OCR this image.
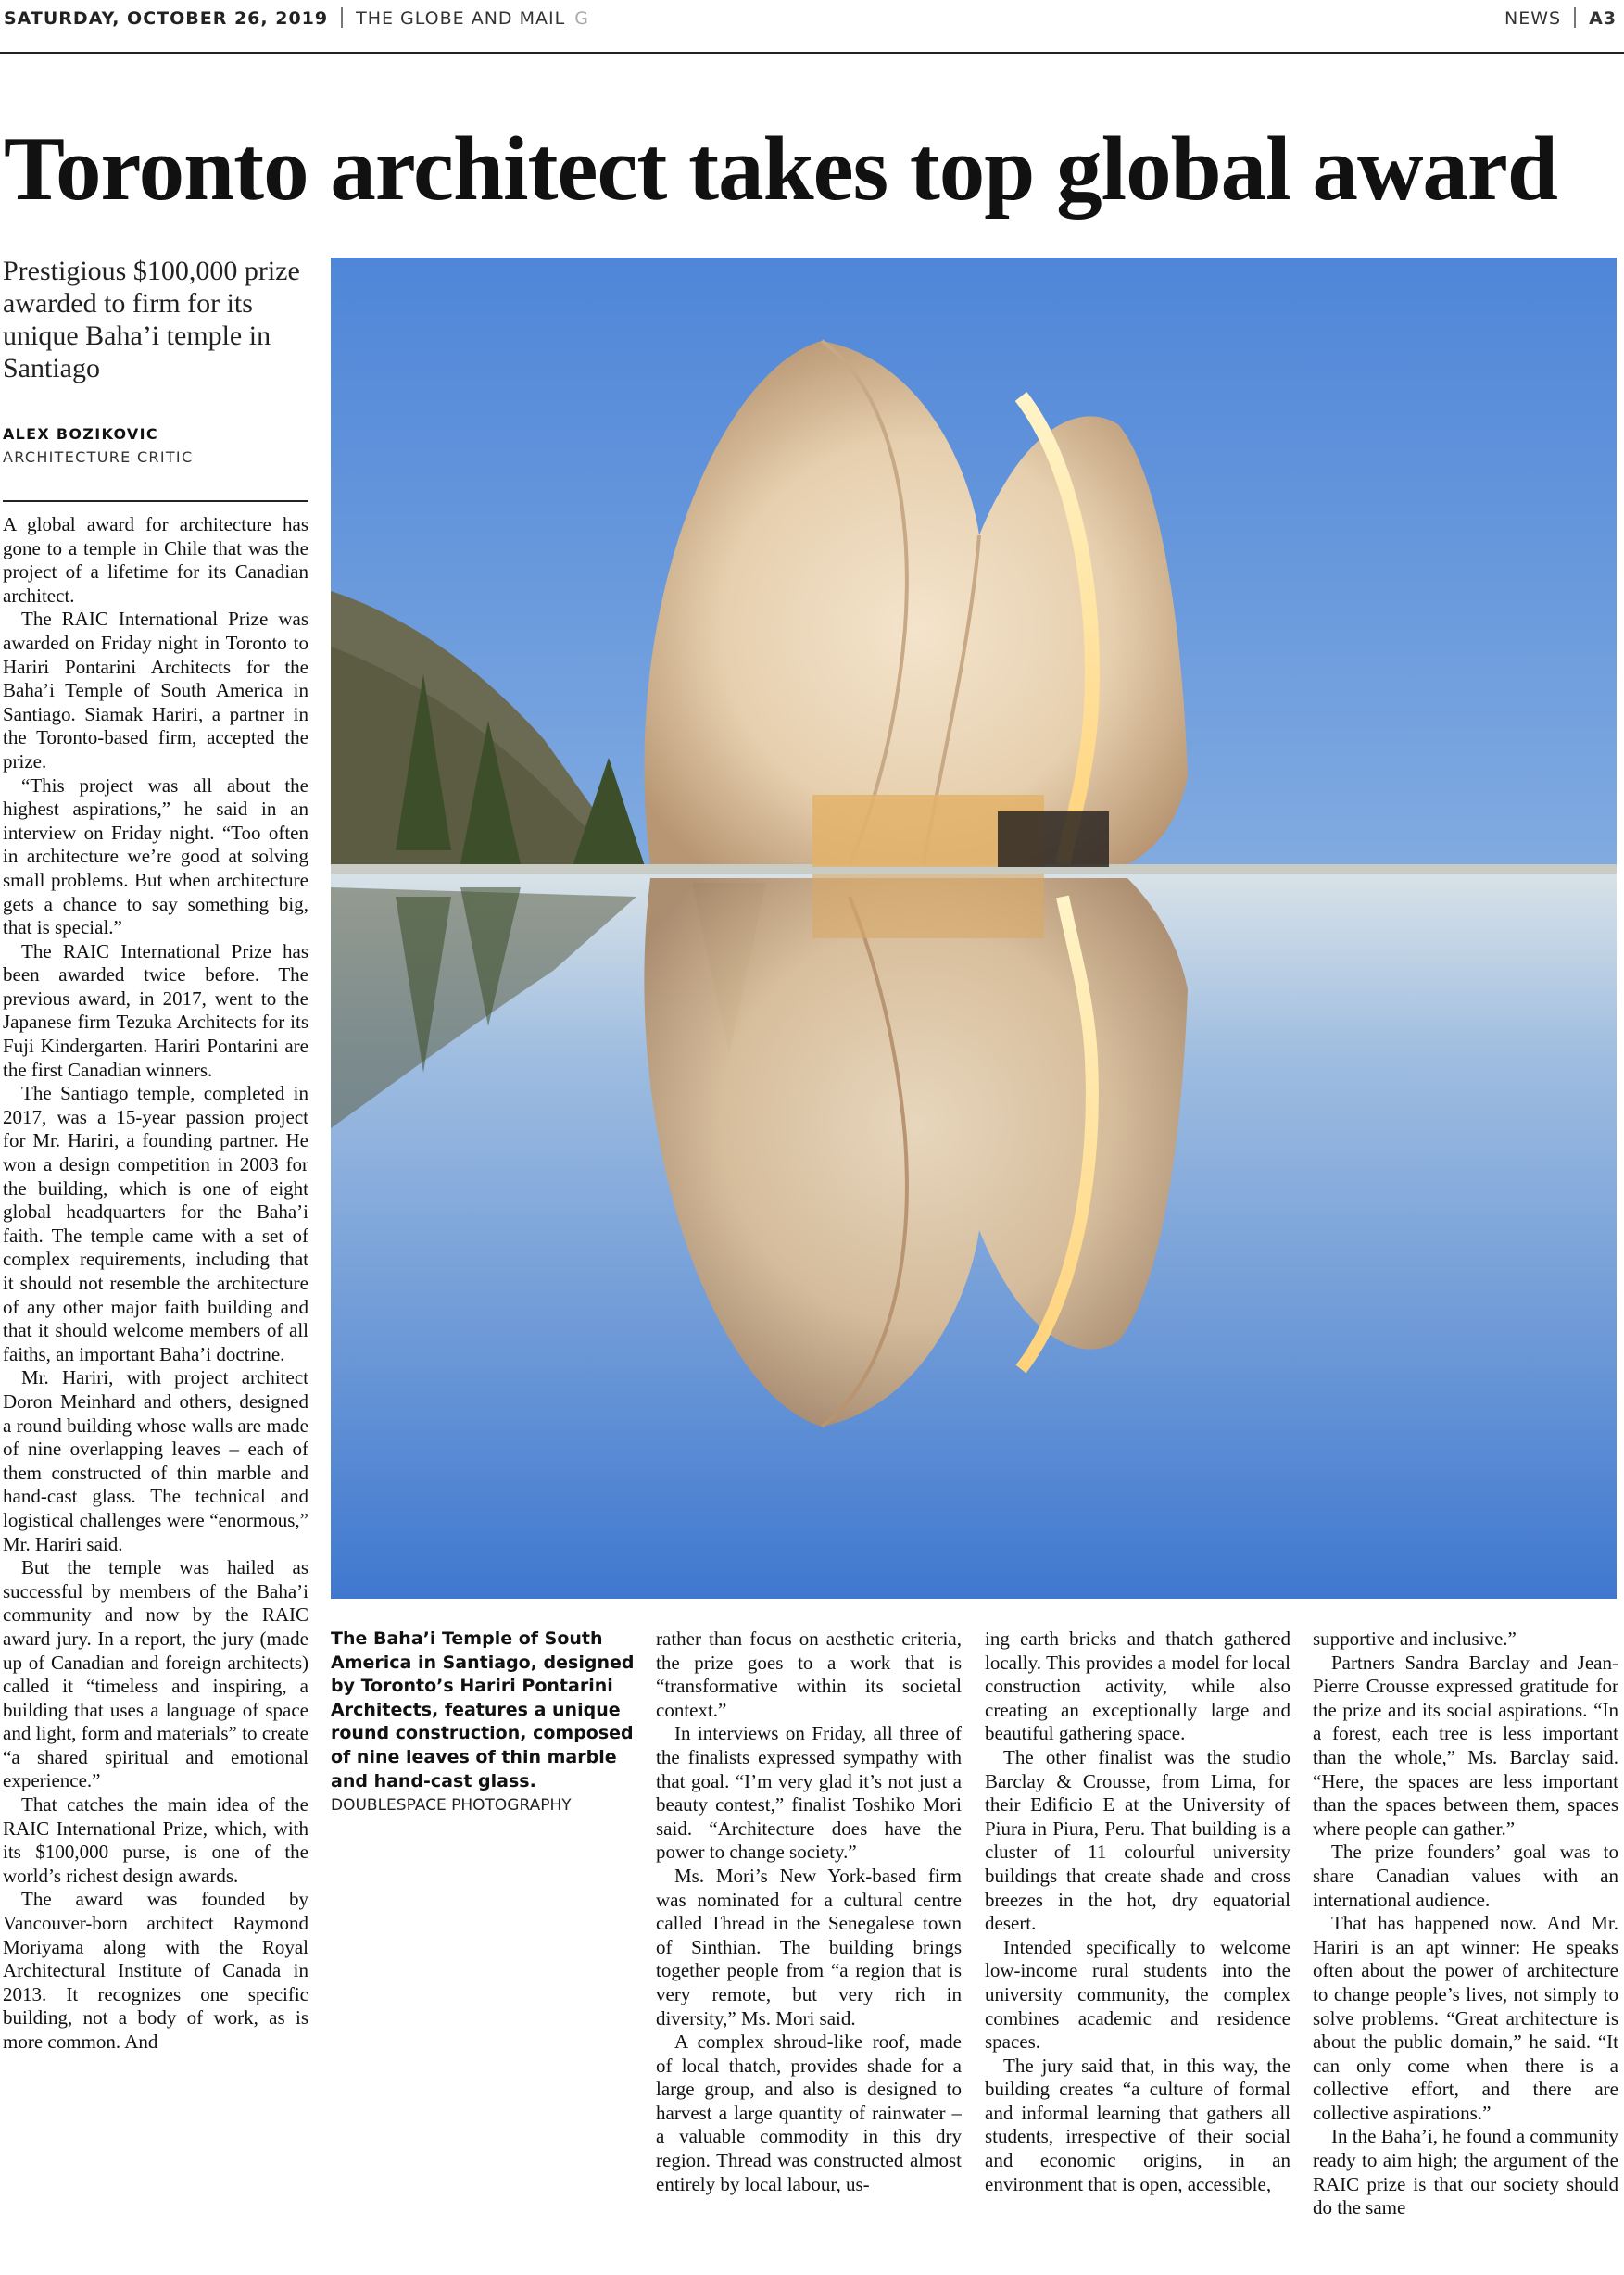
SATURDAY, OCTOBER 26, 2019 THE GLOBE AND MAIL G	NEWS A3
Toronto architect takes top global award

Prestigious $100,000 prize awarded to firm for its unique Baha’i temple in Santiago

ALEX BOZIKOVIC
ARCHITECTURE CRITIC
The Baha’i Temple of South America in Santiago, designed by Toronto’s Hariri Pontarini Architects, features a unique round construction, composed of nine leaves of thin marble and hand-cast glass.
DOUBLESPACE PHOTOGRAPHY

A global award for architecture has gone to a temple in Chile that was the project of a lifetime for its Canadian architect.

The RAIC International Prize was awarded on Friday night in Toronto to Hariri Pontarini Architects for the Baha’i Temple of South America in Santiago. Siamak Hariri, a partner in the Toronto-based firm, accepted the prize.

“This project was all about the highest aspirations,” he said in an interview on Friday night. “Too often in architecture we’re good at solving small problems. But when architecture gets a chance to say something big, that is special.”

The RAIC International Prize has been awarded twice before. The previous award, in 2017, went to the Japanese firm Tezuka Architects for its Fuji Kindergarten. Hariri Pontarini are the first Canadian winners.

The Santiago temple, completed in 2017, was a 15-year passion project for Mr. Hariri, a founding partner. He won a design competition in 2003 for the building, which is one of eight global headquarters for the Baha’i faith. The temple came with a set of complex requirements, including that it should not resemble the architecture of any other major faith building and that it should welcome members of all faiths, an important Baha’i doctrine.

Mr. Hariri, with project architect Doron Meinhard and others, designed a round building whose walls are made of nine overlapping leaves – each of them constructed of thin marble and hand-cast glass. The technical and logistical challenges were “enormous,” Mr. Hariri said.

But the temple was hailed as successful by members of the Baha’i community and now by the RAIC award jury. In a report, the jury (made up of Canadian and foreign architects) called it “timeless and inspiring, a building that uses a language of space and light, form and materials” to create “a shared spiritual and emotional experience.”

That catches the main idea of the RAIC International Prize, which, with its $100,000 purse, is one of the world’s richest design awards.

The award was founded by Vancouver-born architect Raymond Moriyama along with the Royal Architectural Institute of Canada in 2013. It recognizes one specific building, not a body of work, as is more common. And

rather than focus on aesthetic criteria, the prize goes to a work that is “transformative within its societal context.”

In interviews on Friday, all three of the finalists expressed sympathy with that goal. “I’m very glad it’s not just a beauty contest,” finalist Toshiko Mori said. “Architecture does have the power to change society.”

Ms. Mori’s New York-based firm was nominated for a cultural centre called Thread in the Senegalese town of Sinthian. The building brings together people from “a region that is very remote, but very rich in diversity,” Ms. Mori said.

A complex shroud-like roof, made of local thatch, provides shade for a large group, and also is designed to harvest a large quantity of rainwater – a valuable commodity in this dry region. Thread was constructed almost entirely by local labour, us-

ing earth bricks and thatch gathered locally. This provides a model for local construction activity, while also creating an exceptionally large and beautiful gathering space.

The other finalist was the studio Barclay & Crousse, from Lima, for their Edificio E at the University of Piura in Piura, Peru. That building is a cluster of 11 colourful university buildings that create shade and cross breezes in the hot, dry equatorial desert.

Intended specifically to welcome low-income rural students into the university community, the complex combines academic and residence spaces.

The jury said that, in this way, the building creates “a culture of formal and informal learning that gathers all students, irrespective of their social and economic origins, in an environment that is open, accessible,

supportive and inclusive.”

Partners Sandra Barclay and Jean-Pierre Crousse expressed gratitude for the prize and its social aspirations. “In a forest, each tree is less important than the whole,” Ms. Barclay said. “Here, the spaces are less important than the spaces between them, spaces where people can gather.”

The prize founders’ goal was to share Canadian values with an international audience.

That has happened now. And Mr. Hariri is an apt winner: He speaks often about the power of architecture to change people’s lives, not simply to solve problems. “Great architecture is about the public domain,” he said. “It can only come when there is a collective effort, and there are collective aspirations.”

In the Baha’i, he found a community ready to aim high; the argument of the RAIC prize is that our society should do the same
